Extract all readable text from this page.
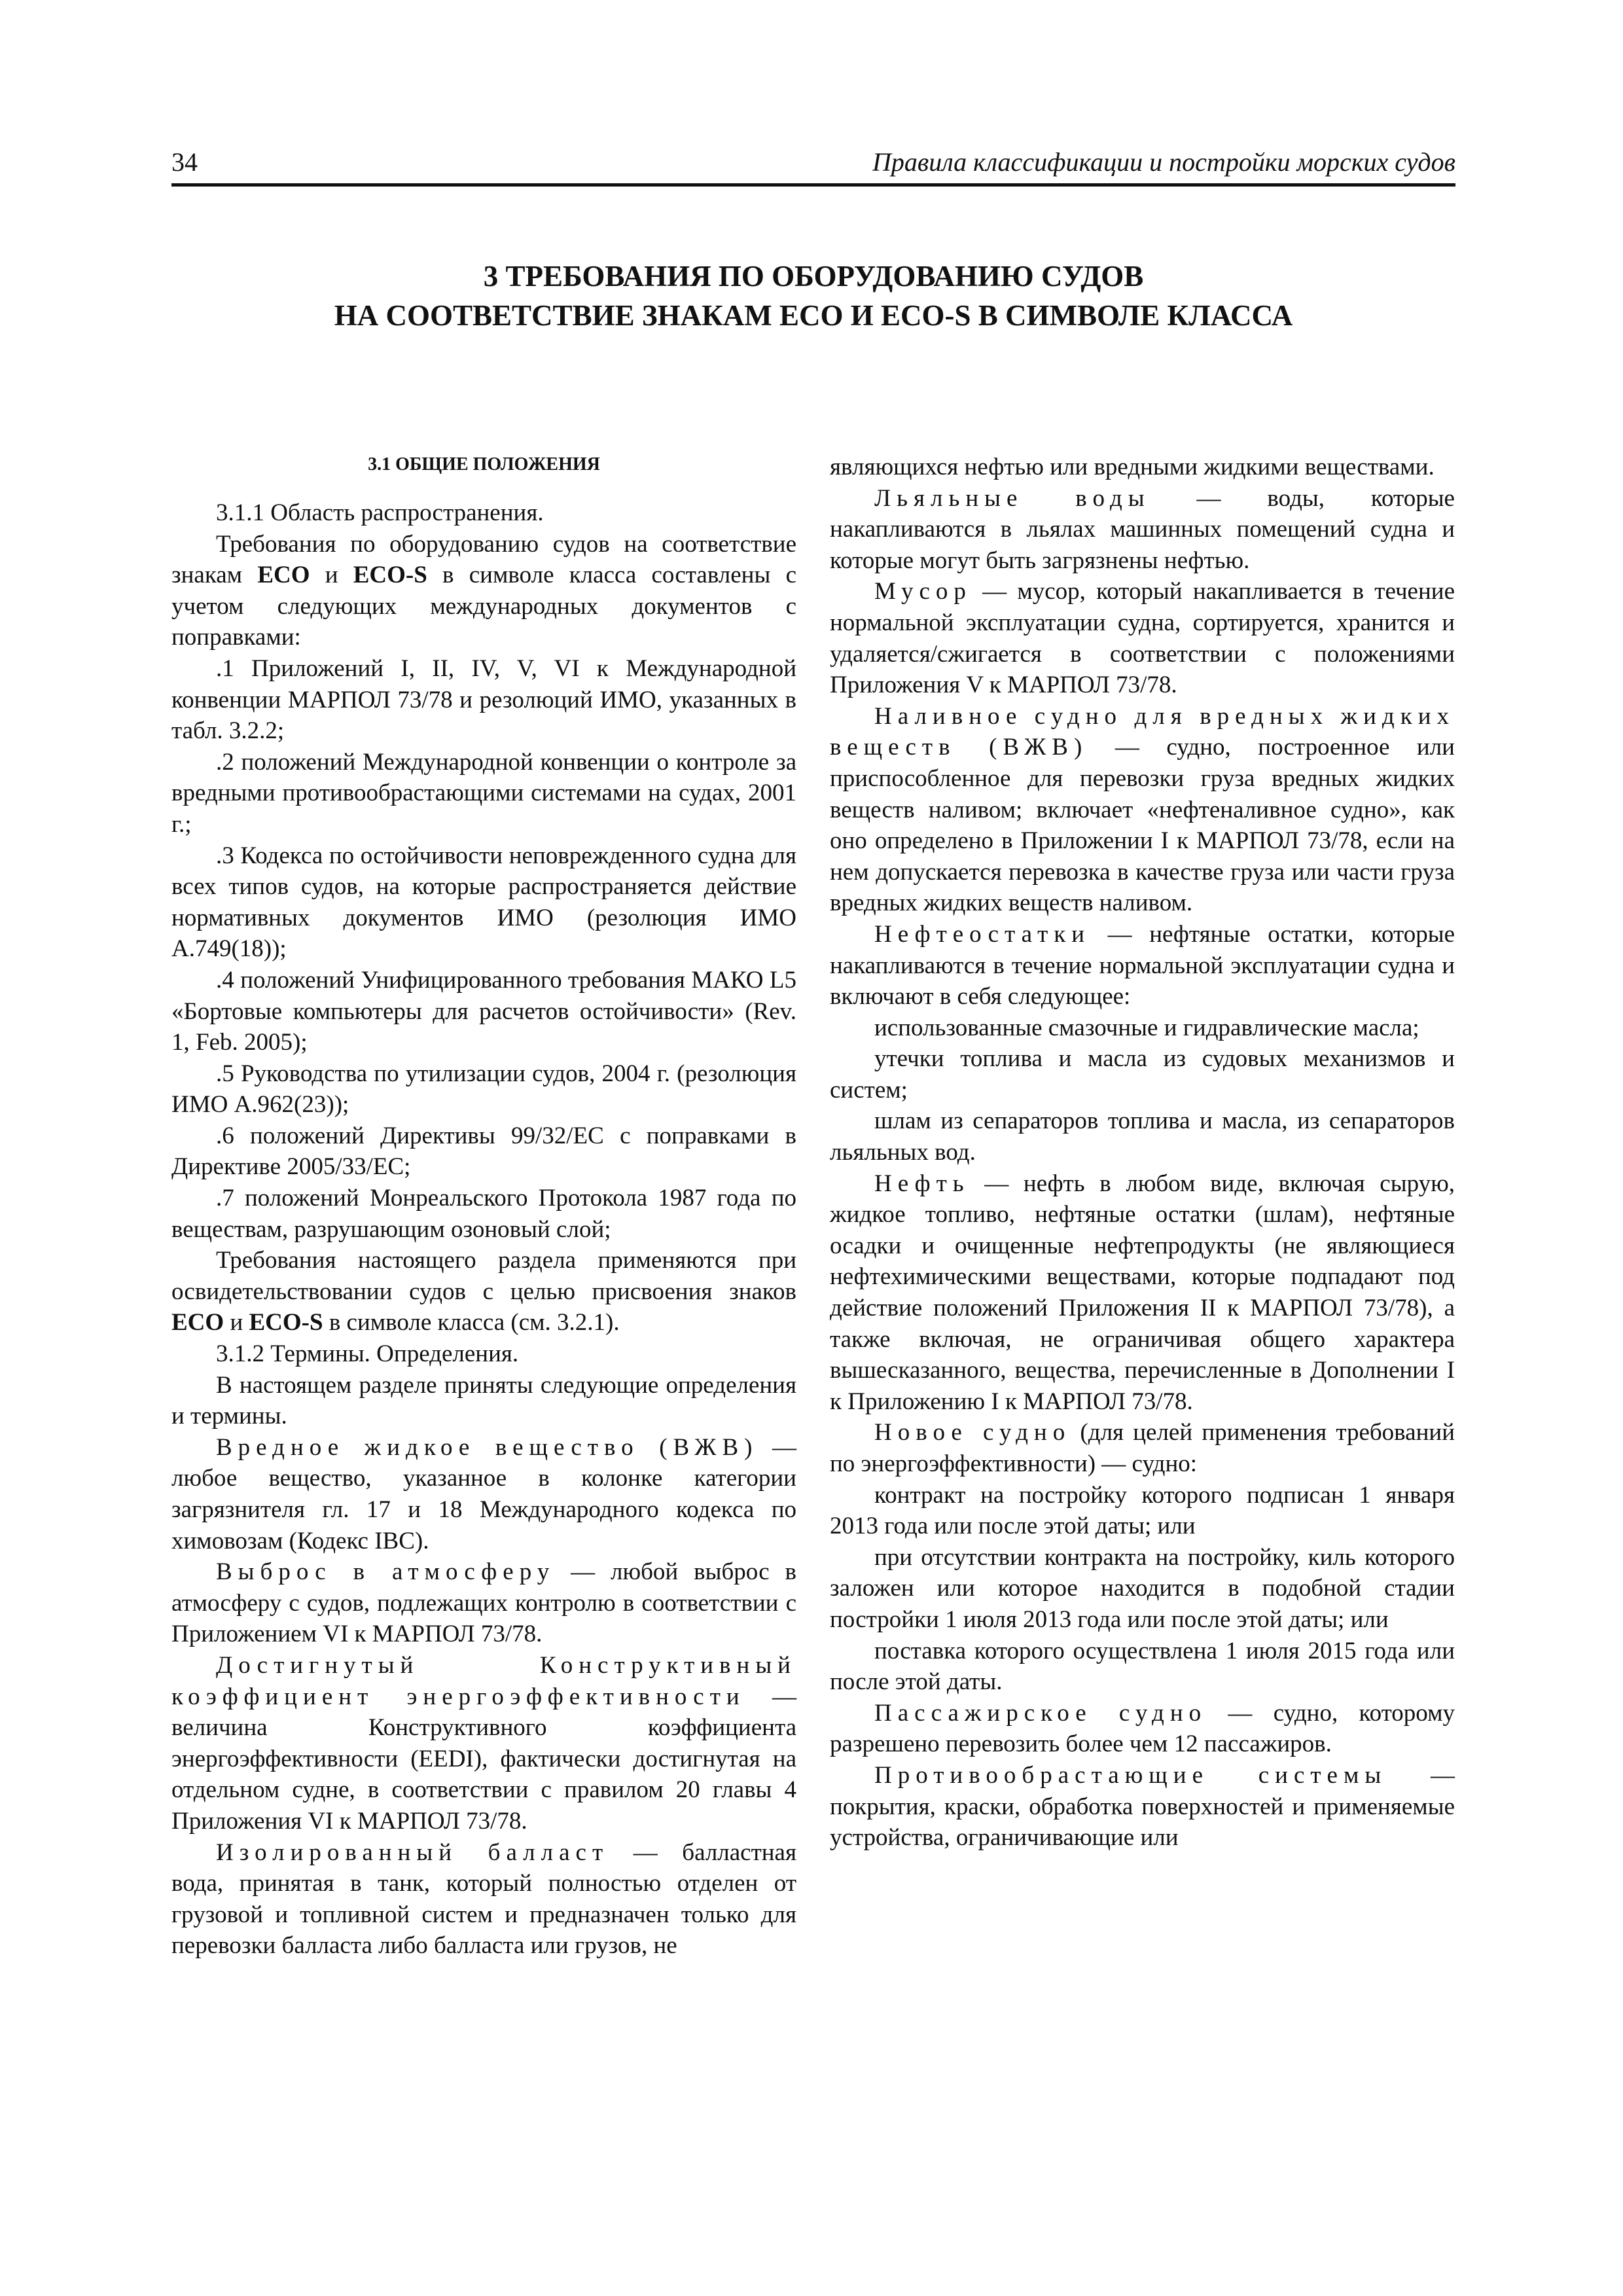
34	Правила классификации и постройки морских судов
3 ТРЕБОВАНИЯ ПО ОБОРУДОВАНИЮ СУДОВ
НА СООТВЕТСТВИЕ ЗНАКАМ ECO И ECO-S В СИМВОЛЕ КЛАССА
3.1 ОБЩИЕ ПОЛОЖЕНИЯ

3.1.1 Область распространения.

Требования по оборудованию судов на соответствие знакам ECO и ECO-S в символе класса составлены с учетом следующих международных документов с поправками:

.1 Приложений I, II, IV, V, VI к Международной конвенции МАРПОЛ 73/78 и резолюций ИМО, указанных в табл. 3.2.2;

.2 положений Международной конвенции о контроле за вредными противообрастающими системами на судах, 2001 г.;

.3 Кодекса по остойчивости неповрежденного судна для всех типов судов, на которые распространяется действие нормативных документов ИМО (резолюция ИМО А.749(18));

.4 положений Унифицированного требования МАКО L5 «Бортовые компьютеры для расчетов остойчивости» (Rev. 1, Feb. 2005);

.5 Руководства по утилизации судов, 2004 г. (резолюция ИМО А.962(23));

.6 положений Директивы 99/32/ЕС с поправками в Директиве 2005/33/ЕС;

.7 положений Монреальского Протокола 1987 года по веществам, разрушающим озоновый слой;

Требования настоящего раздела применяются при освидетельствовании судов с целью присвоения знаков ECO и ECO-S в символе класса (см. 3.2.1).

3.1.2 Термины. Определения.

В настоящем разделе приняты следующие определения и термины.

Вредное жидкое вещество (ВЖВ) — любое вещество, указанное в колонке категории загрязнителя гл. 17 и 18 Международного кодекса по химовозам (Кодекс IBC).

Выброс в атмосферу — любой выброс в атмосферу с судов, подлежащих контролю в соответствии с Приложением VI к МАРПОЛ 73/78.

Достигнутый Конструктивный коэффициент энергоэффективности — величина Конструктивного коэффициента энергоэффективности (EEDI), фактически достигнутая на отдельном судне, в соответствии с правилом 20 главы 4 Приложения VI к МАРПОЛ 73/78.

Изолированный балласт — балластная вода, принятая в танк, который полностью отделен от грузовой и топливной систем и предназначен только для перевозки балласта либо балласта или грузов, не

являющихся нефтью или вредными жидкими веществами.

Льяльные воды — воды, которые накапливаются в льялах машинных помещений судна и которые могут быть загрязнены нефтью.

Мусор — мусор, который накапливается в течение нормальной эксплуатации судна, сортируется, хранится и удаляется/сжигается в соответствии с положениями Приложения V к МАРПОЛ 73/78.

Наливное судно для вредных жидких веществ (ВЖВ) — судно, построенное или приспособленное для перевозки груза вредных жидких веществ наливом; включает «нефтеналивное судно», как оно определено в Приложении I к МАРПОЛ 73/78, если на нем допускается перевозка в качестве груза или части груза вредных жидких веществ наливом.

Нефтеостатки — нефтяные остатки, которые накапливаются в течение нормальной эксплуатации судна и включают в себя следующее:

использованные смазочные и гидравлические масла;

утечки топлива и масла из судовых механизмов и систем;

шлам из сепараторов топлива и масла, из сепараторов льяльных вод.

Нефть — нефть в любом виде, включая сырую, жидкое топливо, нефтяные остатки (шлам), нефтяные осадки и очищенные нефтепродукты (не являющиеся нефтехимическими веществами, которые подпадают под действие положений Приложения II к МАРПОЛ 73/78), а также включая, не ограничивая общего характера вышесказанного, вещества, перечисленные в Дополнении I к Приложению I к МАРПОЛ 73/78.

Новое судно (для целей применения требований по энергоэффективности) — судно:

контракт на постройку которого подписан 1 января 2013 года или после этой даты; или

при отсутствии контракта на постройку, киль которого заложен или которое находится в подобной стадии постройки 1 июля 2013 года или после этой даты; или

поставка которого осуществлена 1 июля 2015 года или после этой даты.

Пассажирское судно — судно, которому разрешено перевозить более чем 12 пассажиров.

Противообрастающие системы — покрытия, краски, обработка поверхностей и применяемые устройства, ограничивающие или
